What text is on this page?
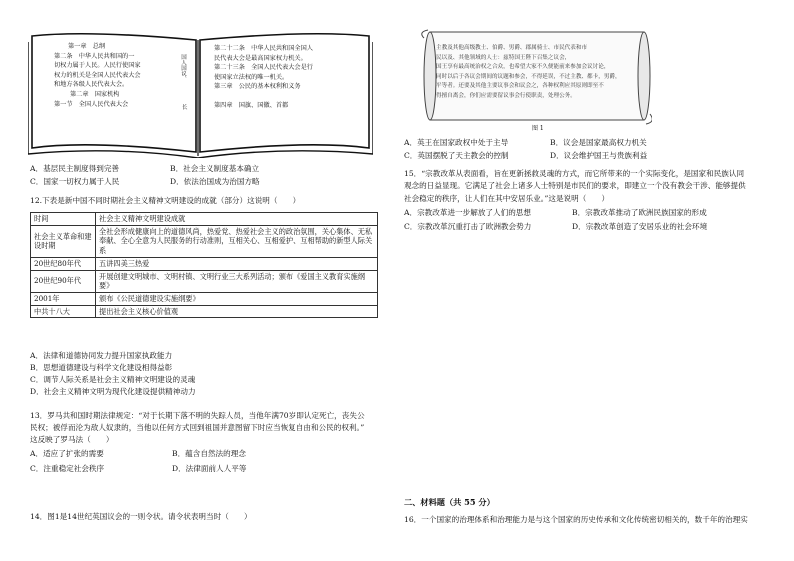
第一章　总纲
第二条　中华人民共和国的一
切权力属于人民。人民行使国家
权力的机关是全国人民代表大会
和地方各级人民代表大会。
第二章　国家机构
第一节　全国人民代表大会
国人国议、
长
第二十二条　中华人民共和国全国人
民代表大会是最高国家权力机关。
第二十三条　全国人民代表大会是行
使国家立法权的唯一机关。
第三章　公民的基本权利和义务
第四章　国旗、国徽、首都
A．基层民主制度得到完善	B．社会主义制度基本确立
C．国家一切权力属于人民	D．依法治国成为治国方略
12.下表是新中国不同时期社会主义精神文明建设的成就（部分）这说明（　　）
时间	社会主义精神文明建设成就
社会主义革命和建设时期	全社会形成健康向上的道德风尚，热爱党、热爱社会主义的政治氛围，关心集体、无私奉献、全心全意为人民服务的行动准则，互相关心、互相爱护、互相帮助的新型人际关系
20世纪80年代	五讲四美三热爱
20世纪90年代	开展创建文明城市、文明村镇、文明行业三大系列活动；颁布《爱国主义教育实施纲要》
2001年	颁布《公民道德建设实施纲要》
中共十八大	提出社会主义核心价值观
A．法律和道德协同发力提升国家执政能力
B．思想道德建设与科学文化建设相得益彰
C．调节人际关系是社会主义精神文明建设的灵魂
D．社会主义精神文明为现代化建设提供精神动力
13．罗马共和国时期法律规定：“对于长期下落不明的失踪人员，当他年满70岁即认定死亡，丧失公
民权；被俘而沦为敌人奴隶的，当他以任何方式回到祖国并意图留下时应当恢复自由和公民的权利。”
这反映了罗马法（　　）
A．适应了扩张的需要	B．蕴含自然法的理念
C．注重稳定社会秩序	D．法律面前人人平等
14．图1是14世纪英国议会的一则令状。请令状表明当时（　　）
主教及其他高级教士、伯爵、男爵、郡属骑士、市民代表和市
民以及、其他领域的人士：兹特国王陛下召集之议会，
国王享有最高统治权之合众，也希望大家不久便能前来参加会议讨论，
同时以后于各议会期间的议题和参会，不得延误，不过主教、都卡，男爵，
平等者。还要及其他主要议事会和议会之，各种权利应其原则即至不
得擅自离会，你们应需要留议事会行使职责，处理公务。
图 1
A．英王在国家政权中处于主导	B．议会是国家最高权力机关
C．英国摆脱了天主教会的控制	D．议会维护国王与贵族利益
15．“宗教改革从表面看，旨在更新拯救灵魂的方式，而它所带来的一个实际变化，是国家和民族认同
观念的日益显现。它满足了社会上诸多人士特别是市民们的要求，即建立一个没有教会干涉、能够提供
社会稳定的秩序，让人们在其中安居乐业。”这是说明（　　）
A．宗教改革进一步解放了人们的思想	B．宗教改革推动了欧洲民族国家的形成
C．宗教改革沉重打击了欧洲教会势力	D．宗教改革创造了安居乐业的社会环境
二、材料题（共 55 分）
16．一个国家的治理体系和治理能力是与这个国家的历史传承和文化传统密切相关的，数千年的治理实
